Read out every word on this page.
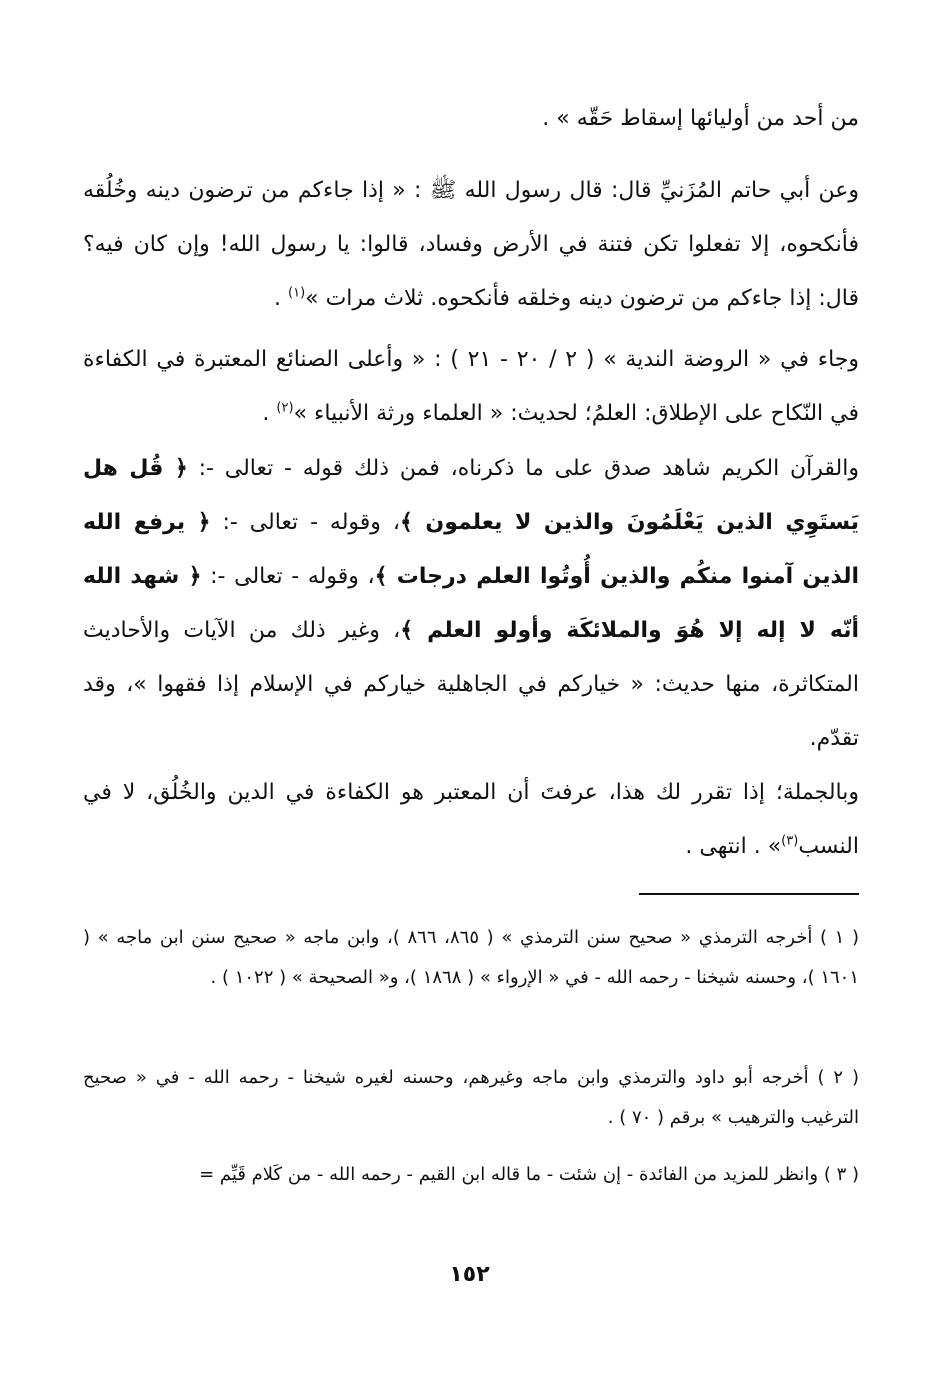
من أحد من أوليائها إسقاط حَقّه » .

وعن أبي حاتم المُزَنيِّ قال: قال رسول الله ﷺ : « إذا جاءكم من ترضون دينه وخُلُقه فأنكحوه، إلا تفعلوا تكن فتنة في الأرض وفساد، قالوا: يا رسول الله! وإن كان فيه؟ قال: إذا جاءكم من ترضون دينه وخلقه فأنكحوه. ثلاث مرات »$^{(١)}$ .

وجاء في « الروضة الندية » ( ٢ / ٢٠ - ٢١ ) : « وأعلى الصنائع المعتبرة في الكفاءة في النّكاح على الإطلاق: العلمُ؛ لحديث: « العلماء ورثة الأنبياء »$^{(٢)}$ .

والقرآن الكريم شاهد صدق على ما ذكرناه، فمن ذلك قوله - تعالى -: ﴿ قُل هل يَستَوِي الذين يَعْلَمُونَ والذين لا يعلمون ﴾، وقوله - تعالى -: ﴿ يرفع الله الذين آمنوا منكُم والذين أُوتُوا العلم درجات ﴾، وقوله - تعالى -: ﴿ شهد الله أنّه لا إله إلا هُوَ والملائكَة وأولو العلم ﴾، وغير ذلك من الآيات والأحاديث المتكاثرة، منها حديث: « خياركم في الجاهلية خياركم في الإسلام إذا فقهوا »، وقد تقدّم.

وبالجملة؛ إذا تقرر لك هذا، عرفتَ أن المعتبر هو الكفاءة في الدين والخُلُق، لا في النسب$^{(٣)}$» . انتهى .

( ١ ) أخرجه الترمذي « صحيح سنن الترمذي » ( ٨٦٥، ٨٦٦ )، وابن ماجه « صحيح سنن ابن ماجه » ( ١٦٠١ )، وحسنه شيخنا - رحمه الله - في « الإرواء » ( ١٨٦٨ )، و« الصحيحة » ( ١٠٢٢ ) .

( ٢ ) أخرجه أبو داود والترمذي وابن ماجه وغيرهم، وحسنه لغيره شيخنا - رحمه الله - في « صحيح الترغيب والترهيب » برقم ( ٧٠ ) .

( ٣ ) وانظر للمزيد من الفائدة - إن شئت - ما قاله ابن القيم - رحمه الله - من كَلام قَيِّم =

١٥٢
